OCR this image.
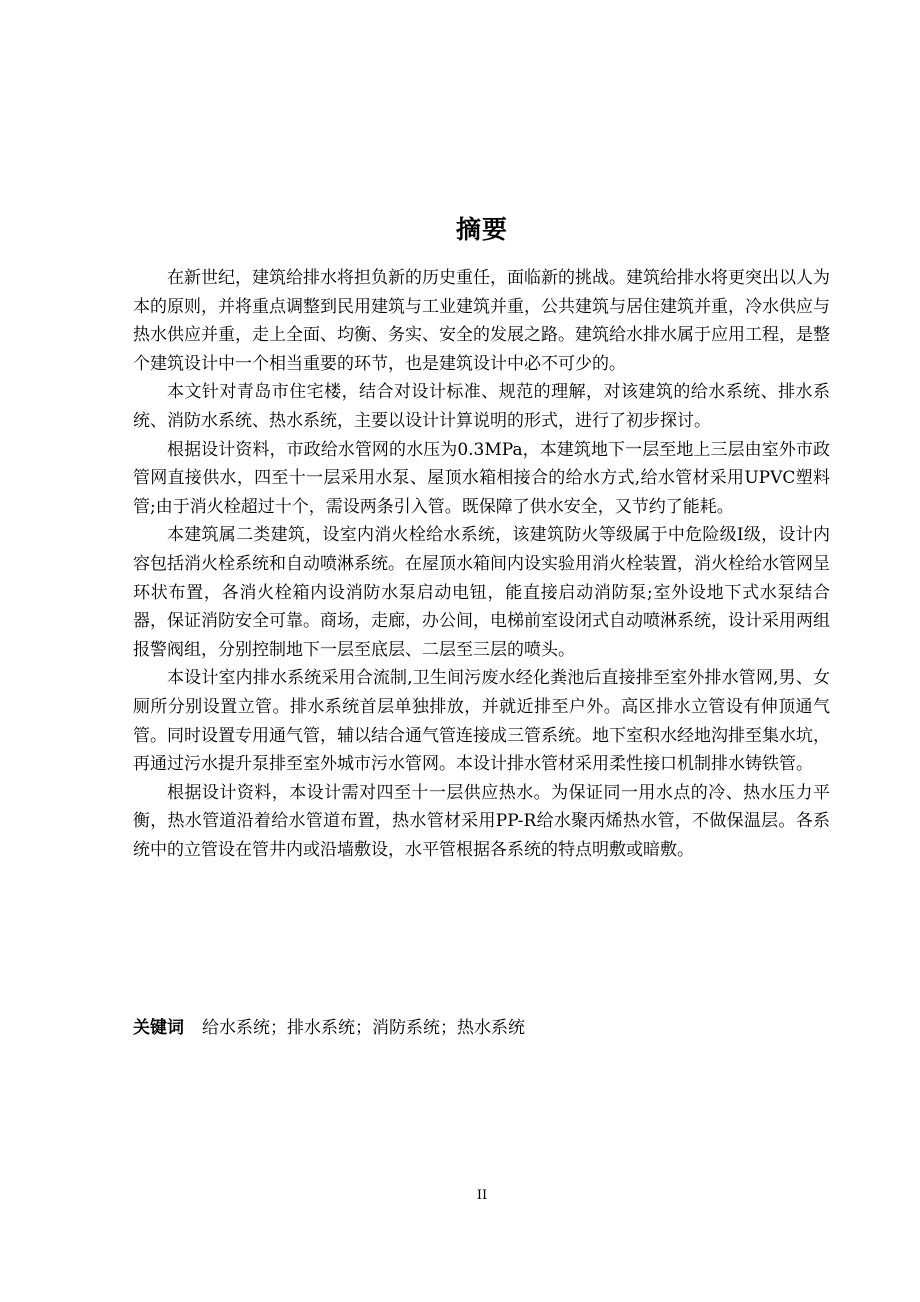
摘要

在新世纪，建筑给排水将担负新的历史重任，面临新的挑战。建筑给排水将更突出以人为本的原则，并将重点调整到民用建筑与工业建筑并重，公共建筑与居住建筑并重，冷水供应与热水供应并重，走上全面、均衡、务实、安全的发展之路。建筑给水排水属于应用工程，是整个建筑设计中一个相当重要的环节，也是建筑设计中必不可少的。

本文针对青岛市住宅楼，结合对设计标准、规范的理解，对该建筑的给水系统、排水系统、消防水系统、热水系统，主要以设计计算说明的形式，进行了初步探讨。

根据设计资料，市政给水管网的水压为0.3MPa，本建筑地下一层至地上三层由室外市政管网直接供水，四至十一层采用水泵、屋顶水箱相接合的给水方式,给水管材采用UPVC塑料管;由于消火栓超过十个，需设两条引入管。既保障了供水安全，又节约了能耗。

本建筑属二类建筑，设室内消火栓给水系统，该建筑防火等级属于中危险级Ⅰ级，设计内容包括消火栓系统和自动喷淋系统。在屋顶水箱间内设实验用消火栓装置，消火栓给水管网呈环状布置，各消火栓箱内设消防水泵启动电钮，能直接启动消防泵;室外设地下式水泵结合器，保证消防安全可靠。商场，走廊，办公间，电梯前室设闭式自动喷淋系统，设计采用两组报警阀组，分别控制地下一层至底层、二层至三层的喷头。

本设计室内排水系统采用合流制,卫生间污废水经化粪池后直接排至室外排水管网,男、女厕所分别设置立管。排水系统首层单独排放，并就近排至户外。高区排水立管设有伸顶通气管。同时设置专用通气管，辅以结合通气管连接成三管系统。地下室积水经地沟排至集水坑，再通过污水提升泵排至室外城市污水管网。本设计排水管材采用柔性接口机制排水铸铁管。

根据设计资料，本设计需对四至十一层供应热水。为保证同一用水点的冷、热水压力平衡，热水管道沿着给水管道布置，热水管材采用PP-R给水聚丙烯热水管，不做保温层。各系统中的立管设在管井内或沿墙敷设，水平管根据各系统的特点明敷或暗敷。

关键词 给水系统；排水系统；消防系统；热水系统
II
